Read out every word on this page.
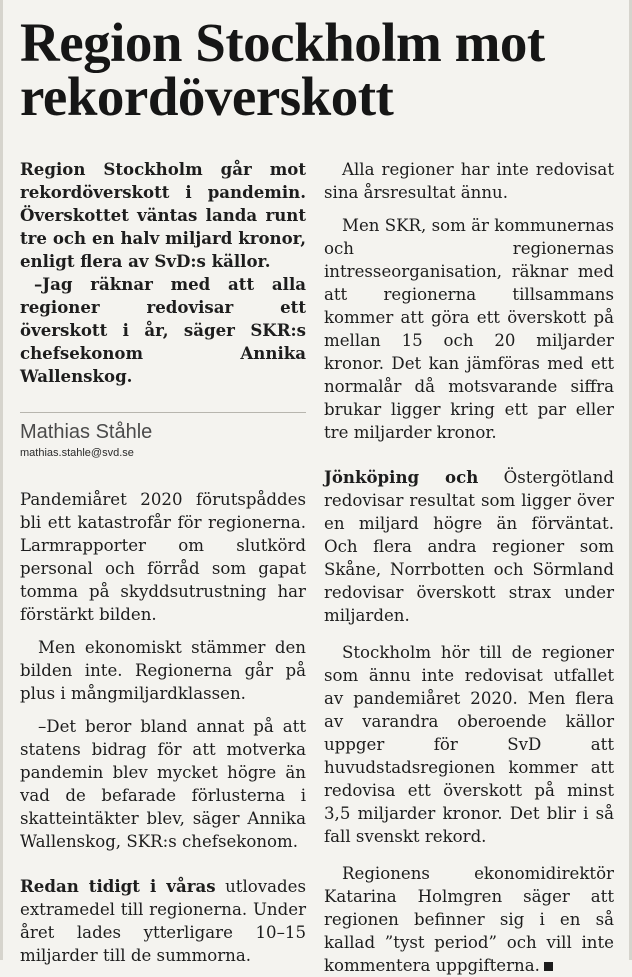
Region Stockholm mot rekordöverskott

Region Stockholm går mot rekordöverskott i pandemin. Överskottet väntas landa runt tre och en halv miljard kronor, enligt flera av SvD:s källor.

–Jag räknar med att alla regioner redovisar ett överskott i år, säger SKR:s chefsekonom Annika Wallenskog.

Mathias Ståhle

mathias.stahle@svd.se

Pandemiåret 2020 förutspåddes bli ett katastrofår för regionerna. Larmrapporter om slutkörd personal och förråd som gapat tomma på skyddsutrustning har förstärkt bilden.

Men ekonomiskt stämmer den bilden inte. Regionerna går på plus i mångmiljardklassen.

–Det beror bland annat på att statens bidrag för att motverka pandemin blev mycket högre än vad de befarade förlusterna i skatteintäkter blev, säger Annika Wallenskog, SKR:s chefsekonom.

Redan tidigt i våras utlovades extramedel till regionerna. Under året lades ytterligare 10–15 miljarder till de summorna.

Alla regioner har inte redovisat sina årsresultat ännu.

Men SKR, som är kommunernas och regionernas intresseorganisation, räknar med att regionerna tillsammans kommer att göra ett överskott på mellan 15 och 20 miljarder kronor. Det kan jämföras med ett normalår då motsvarande siffra brukar ligger kring ett par eller tre miljarder kronor.

Jönköping och Östergötland redovisar resultat som ligger över en miljard högre än förväntat. Och flera andra regioner som Skåne, Norrbotten och Sörmland redovisar överskott strax under miljarden.

Stockholm hör till de regioner som ännu inte redovisat utfallet av pandemiåret 2020. Men flera av varandra oberoende källor uppger för SvD att huvudstadsregionen kommer att redovisa ett överskott på minst 3,5 miljarder kronor. Det blir i så fall svenskt rekord.

Regionens ekonomidirektör Katarina Holmgren säger att regionen befinner sig i en så kallad ”tyst period” och vill inte kommentera uppgifterna.
